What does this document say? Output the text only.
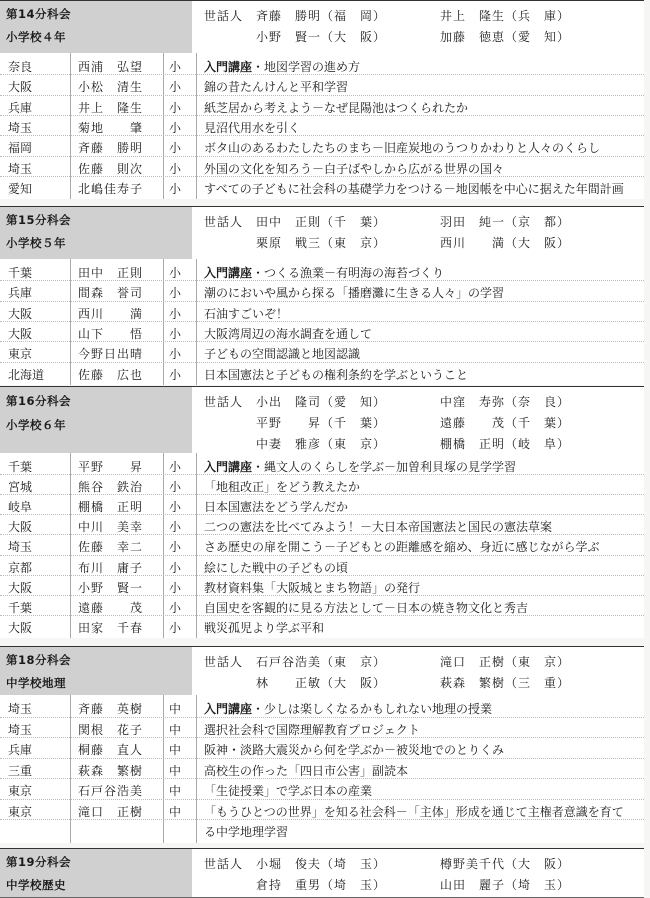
第14分科会
小学校４年
世話人 斉藤　勝明（福　岡）	井上　隆生（兵　庫）
小野　賢一（大　阪）	加藤　徳恵（愛　知）
奈良	西浦　弘望	小 入門講座・地図学習の進め方
大阪	小松　清生	小 錦の昔たんけんと平和学習
兵庫	井上　隆生	小 紙芝居から考えよう－なぜ昆陽池はつくられたか
埼玉	菊地　　肇	小 見沼代用水を引く
福岡	斉藤　勝明	小 ボタ山のあるわたしたちのまち－旧産炭地のうつりかわりと人々のくらし
埼玉	佐藤　則次	小 外国の文化を知ろう－白子ばやしから広がる世界の国々
愛知	北嶋佳寿子	小 すべての子どもに社会科の基礎学力をつける－地図帳を中心に据えた年間計画
第15分科会
小学校５年
世話人 田中　正則（千　葉）	羽田　純一（京　都）
栗原　戦三（東　京）	西川　　満（大　阪）
千葉	田中　正則	小 入門講座・つくる漁業－有明海の海苔づくり
兵庫	間森　誉司	小 潮のにおいや風から探る「播磨灘に生きる人々」の学習
大阪	西川　　満	小 石油すごいぞ！
大阪	山下　　悟	小 大阪湾周辺の海水調査を通して
東京	今野日出晴	小 子どもの空間認識と地図認識
北海道	佐藤　広也	小 日本国憲法と子どもの権利条約を学ぶということ
第16分科会
小学校６年
世話人 小出　隆司（愛　知）	中窪　寿弥（奈　良）
平野　　昇（千　葉）	遠藤　　茂（千　葉）
中妻　雅彦（東　京）	棚橋　正明（岐　阜）
千葉	平野　　昇	小 入門講座・縄文人のくらしを学ぶ－加曽利貝塚の見学学習
宮城	熊谷　鉄治	小 「地租改正」をどう教えたか
岐阜	棚橋　正明	小 日本国憲法をどう学んだか
大阪	中川　美幸	小 二つの憲法を比べてみよう！－大日本帝国憲法と国民の憲法草案
埼玉	佐藤　幸二	小 さあ歴史の扉を開こう－子どもとの距離感を縮め、身近に感じながら学ぶ
京都	布川　庸子	小 絵にした戦中の子どもの頃
大阪	小野　賢一	小 教材資料集「大阪城とまち物語」の発行
千葉	遠藤　　茂	小 自国史を客観的に見る方法として－日本の焼き物文化と秀吉
大阪	田家　千春	小 戦災孤児より学ぶ平和
第18分科会
中学校地理
世話人 石戸谷浩美（東　京）	滝口　正樹（東　京）
林　　正敏（大　阪）	萩森　繁樹（三　重）
埼玉	斉藤　英樹	中 入門講座・少しは楽しくなるかもしれない地理の授業
埼玉	関根　花子	中 選択社会科で国際理解教育プロジェクト
兵庫	桐藤　直人	中 阪神・淡路大震災から何を学ぶか－被災地でのとりくみ
三重	萩森　繁樹	中 高校生の作った「四日市公害」副読本
東京	石戸谷浩美	中 「生徒授業」で学ぶ日本の産業
東京	滝口　正樹	中 「もうひとつの世界」を知る社会科－「主体」形成を通じて主権者意識を育て
る中学地理学習
第19分科会
中学校歴史
世話人 小堀　俊夫（埼　玉）	樽野美千代（大　阪）
倉持　重男（埼　玉）	山田　麗子（埼　玉）
